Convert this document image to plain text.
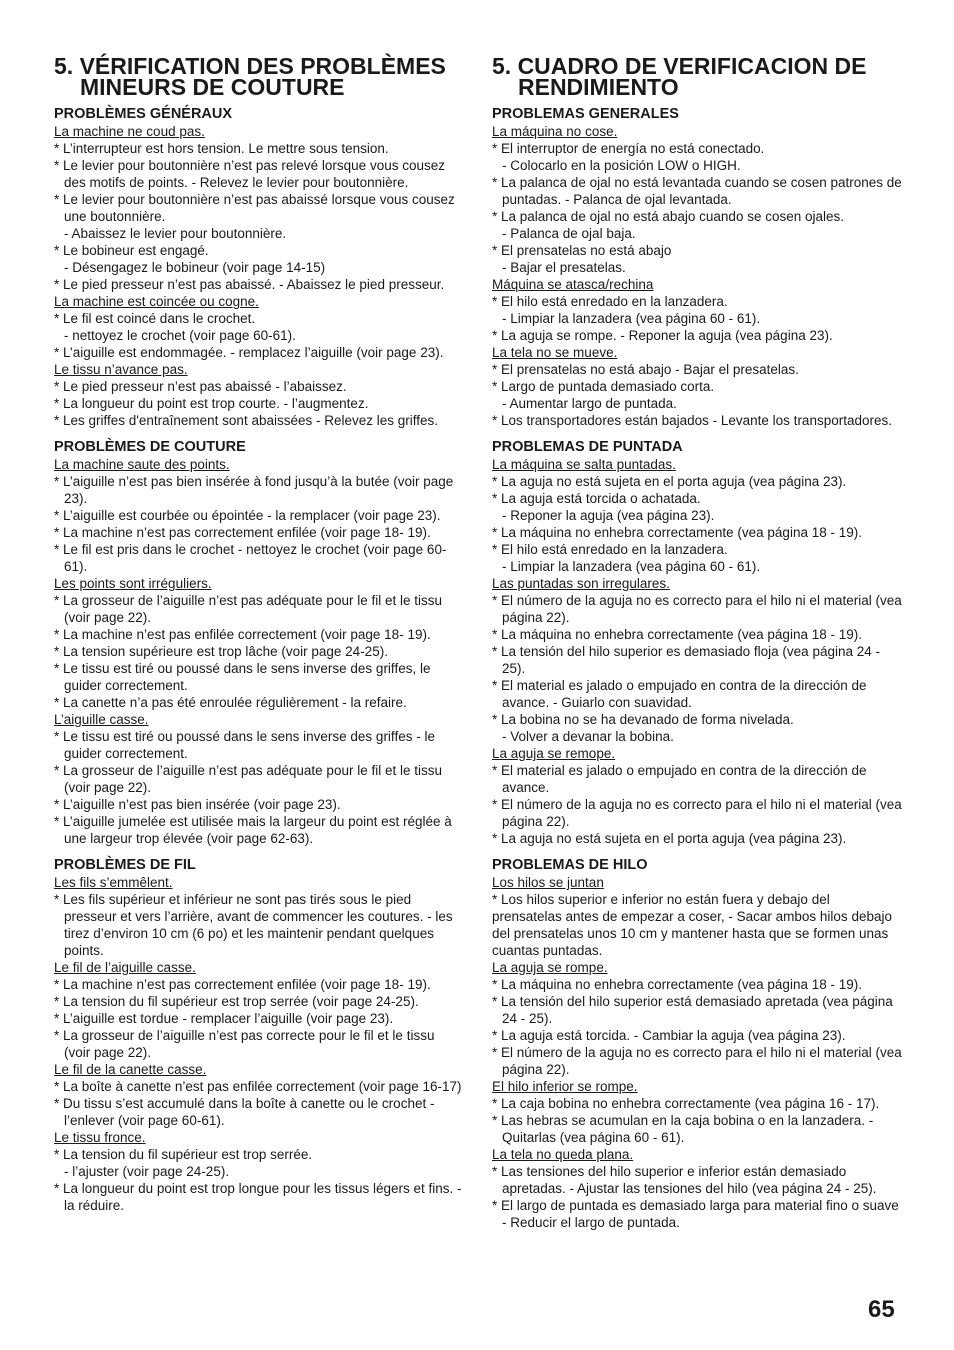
5. VÉRIFICATION DES PROBLÈMES MINEURS DE COUTURE
PROBLÈMES GÉNÉRAUX
La machine ne coud pas.
* L’interrupteur est hors tension. Le mettre sous tension.
* Le levier pour boutonnière n’est pas relevé lorsque vous cousez des motifs de points. - Relevez le levier pour boutonnière.
* Le levier pour boutonnière n’est pas abaissé lorsque vous cousez une boutonnière.
- Abaissez le levier pour boutonnière.
* Le bobineur est engagé.
- Désengagez le bobineur (voir page 14-15)
* Le pied presseur n’est pas abaissé. - Abaissez le pied presseur.
La machine est coincée ou cogne.
* Le fil est coincé dans le crochet.
- nettoyez le crochet (voir page 60-61).
* L’aiguille est endommagée. - remplacez l’aiguille (voir page 23).
Le tissu n’avance pas.
* Le pied presseur n’est pas abaissé - l’abaissez.
* La longueur du point est trop courte. - l’augmentez.
* Les griffes d'entraînement sont abaissées - Relevez les griffes.
PROBLÈMES DE COUTURE
La machine saute des points.
* L’aiguille n’est pas bien insérée à fond jusqu’à la butée (voir page 23).
* L’aiguille est courbée ou épointée - la remplacer (voir page 23).
* La machine n’est pas correctement enfilée (voir page 18- 19).
* Le fil est pris dans le crochet - nettoyez le crochet (voir page 60-61).
Les points sont irréguliers.
* La grosseur de l’aiguille n’est pas adéquate pour le fil et le tissu (voir page 22).
* La machine n’est pas enfilée correctement (voir page 18- 19).
* La tension supérieure est trop lâche (voir page 24-25).
* Le tissu est tiré ou poussé dans le sens inverse des griffes, le guider correctement.
* La canette n’a pas été enroulée régulièrement - la refaire.
L’aiguille casse.
* Le tissu est tiré ou poussé dans le sens inverse des griffes - le guider correctement.
* La grosseur de l’aiguille n’est pas adéquate pour le fil et le tissu (voir page 22).
* L’aiguille n’est pas bien insérée (voir page 23).
* L’aiguille jumelée est utilisée mais la largeur du point est réglée à une largeur trop élevée (voir page 62-63).
PROBLÈMES DE FIL
Les fils s’emmêlent.
* Les fils supérieur et inférieur ne sont pas tirés sous le pied presseur et vers l’arrière, avant de commencer les coutures. - les tirez d’environ 10 cm (6 po) et les maintenir pendant quelques points.
Le fil de l’aiguille casse.
* La machine n’est pas correctement enfilée (voir page 18- 19).
* La tension du fil supérieur est trop serrée (voir page 24-25).
* L’aiguille est tordue - remplacer l’aiguille (voir page 23).
* La grosseur de l’aiguille n’est pas correcte pour le fil et le tissu (voir page 22).
Le fil de la canette casse.
* La boîte à canette n’est pas enfilée correctement (voir page 16-17)
* Du tissu s’est accumulé dans la boîte à canette ou le crochet - l’enlever (voir page 60-61).
Le tissu fronce.
* La tension du fil supérieur est trop serrée.
- l’ajuster (voir page 24-25).
* La longueur du point est trop longue pour les tissus légers et fins. - la réduire.
5. CUADRO DE VERIFICACION DE RENDIMIENTO
PROBLEMAS GENERALES
La máquina no cose.
* El interruptor de energía no está conectado.
- Colocarlo en la posición LOW o HIGH.
* La palanca de ojal no está levantada cuando se cosen patrones de puntadas. - Palanca de ojal levantada.
* La palanca de ojal no está abajo cuando se cosen ojales.
- Palanca de ojal baja.
* El prensatelas no está abajo
- Bajar el presatelas.
Máquina se atasca/rechina
* El hilo está enredado en la lanzadera.
- Limpiar la lanzadera (vea página 60 - 61).
* La aguja se rompe. - Reponer la aguja (vea página 23).
La tela no se mueve.
* El prensatelas no está abajo - Bajar el presatelas.
* Largo de puntada demasiado corta.
- Aumentar largo de puntada.
* Los transportadores están bajados - Levante los transportadores.
PROBLEMAS DE PUNTADA
La máquina se salta puntadas.
* La aguja no está sujeta en el porta aguja (vea página 23).
* La aguja está torcida o achatada.
- Reponer la aguja (vea página 23).
* La máquina no enhebra correctamente (vea página 18 - 19).
* El hilo está enredado en la lanzadera.
- Limpiar la lanzadera (vea página 60 - 61).
Las puntadas son irregulares.
* El número de la aguja no es correcto para el hilo ni el material (vea página 22).
* La máquina no enhebra correctamente (vea página 18 - 19).
* La tensión del hilo superior es demasiado floja (vea página 24 - 25).
* El material es jalado o empujado en contra de la dirección de avance. - Guiarlo con suavidad.
* La bobina no se ha devanado de forma nivelada.
- Volver a devanar la bobina.
La aguja se remope.
* El material es jalado o empujado en contra de la dirección de avance.
* El número de la aguja no es correcto para el hilo ni el material (vea página 22).
* La aguja no está sujeta en el porta aguja (vea página 23).
PROBLEMAS DE HILO
Los hilos se juntan
* Los hilos superior e inferior no están fuera y debajo del prensatelas antes de empezar a coser, - Sacar ambos hilos debajo del prensatelas unos 10 cm y mantener hasta que se formen unas cuantas puntadas.
La aguja se rompe.
* La máquina no enhebra correctamente (vea página 18 - 19).
* La tensión del hilo superior está demasiado apretada (vea página 24 - 25).
* La aguja está torcida. - Cambiar la aguja (vea página 23).
* El número de la aguja no es correcto para el hilo ni el material (vea página 22).
El hilo inferior se rompe.
* La caja bobina no enhebra correctamente (vea página 16 - 17).
* Las hebras se acumulan en la caja bobina o en la lanzadera. - Quitarlas (vea página 60 - 61).
La tela no queda plana.
* Las tensiones del hilo superior e inferior están demasiado apretadas. - Ajustar las tensiones del hilo (vea página 24 - 25).
* El largo de puntada es demasiado larga para material fino o suave - Reducir el largo de puntada.
65
